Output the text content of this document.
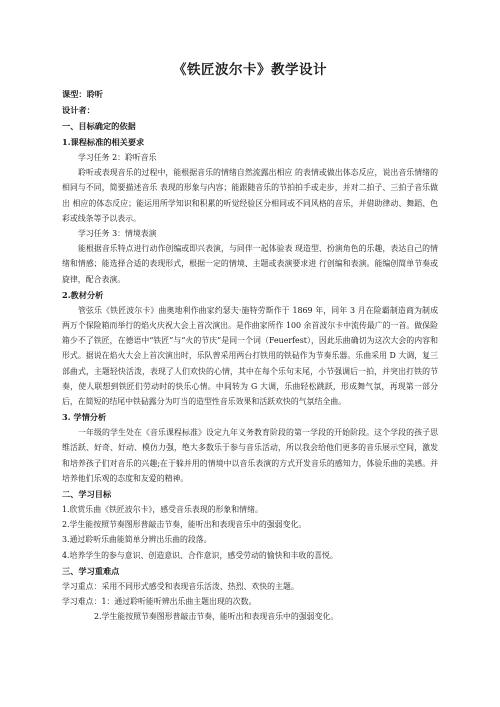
《铁匠波尔卡》教学设计
课型：聆听
设计者：
一、目标确定的依据
1.课程标准的相关要求
学习任务 2：聆听音乐

聆听或表现音乐的过程中，能根据音乐的情绪自然流露出相应 的表情或做出体态反应，说出音乐情绪的相同与不同，简要描述音乐 表现的形象与内容；能跟随音乐的节拍拍手或走步，并对二拍子、三拍子音乐做出 相应的体态反应；能运用所学知识和积累的听觉经验区分相同或不同风格的音乐，并借助律动、舞蹈、色彩或线条等予以表示。

学习任务 3：情境表演

能根据音乐特点进行动作创编或即兴表演，与同伴一起体验表 现造型、扮演角色的乐趣，表达自己的情绪和情感；能选择合适的表现形式，根据一定的情境、主题或表演要求进 行创编和表演。能编创简单节奏或旋律，配合表演。

2.教材分析

管弦乐《铁匠波尔卡》曲奥地利作曲家约瑟夫·施特劳斯作于 1869 年，同年 3 月在险霸制造商为制成两万个保险箱而举行的焰火庆祝大会上首次演出。是作曲家所作 100 余首波尔卡中流传最广的一首。做保险箱少不了铁匠，在德语中“铁匠”与“火的节庆”是同一个词（Feuerfest），因此乐曲确切为这次大会的内容和形式。据说在焰火大会上首次演出时，乐队曾采用两台打铁用的铁砧作为节奏乐器。乐曲采用 D 大调，复三部曲式，主题轻快活泼，表现了人们欢快的心情，其中在每个乐句末尾，小节强调后一拍，并突出打铁的节奏，使人联想到铁匠们劳动时的快乐心情。中间转为 G 大调，乐曲轻松跳跃，形成舞气氛，再现第一部分后，在简短的结尾中铁砧露分为叮当的造型性音乐效果和活跃欢快的气氛结全曲。

3. 学情分析

一年级的学生处在《音乐课程标准》设定九年义务教育阶段的第一学段的开始阶段。这个学段的孩子思维活跃、好奇、好动、模仿力强，绝大多数乐于参与音乐活动，所以我会给他们更多的音乐展示空间，激发和培养孩子们对音乐的兴趣;在于躲并用的情境中以音乐表演的方式开发音乐的感知力，体验乐曲的美感。并培养他们乐观的态度和友爱的精神。

二、学习目标
1.欣赏乐曲《铁匠波尔卡》，感受音乐表现的形象和情绪。
2.学生能按照节奏图形普敲击节奏，能听出和表现音乐中的强弱变化。
3.通过聆听乐曲能简单分辨出乐曲的段落。
4.培养学生的参与意识、创造意识、合作意识，感受劳动的愉快和丰收的喜悦。
三、学习重难点
学习重点：采用不同形式感受和表现音乐活泼、热烈、欢快的主题。
学习难点：1：通过聆听能听辨出乐曲主题出现的次数。
2.学生能按照节奏图形普敲击节奏，能听出和表现音乐中的强弱变化。
